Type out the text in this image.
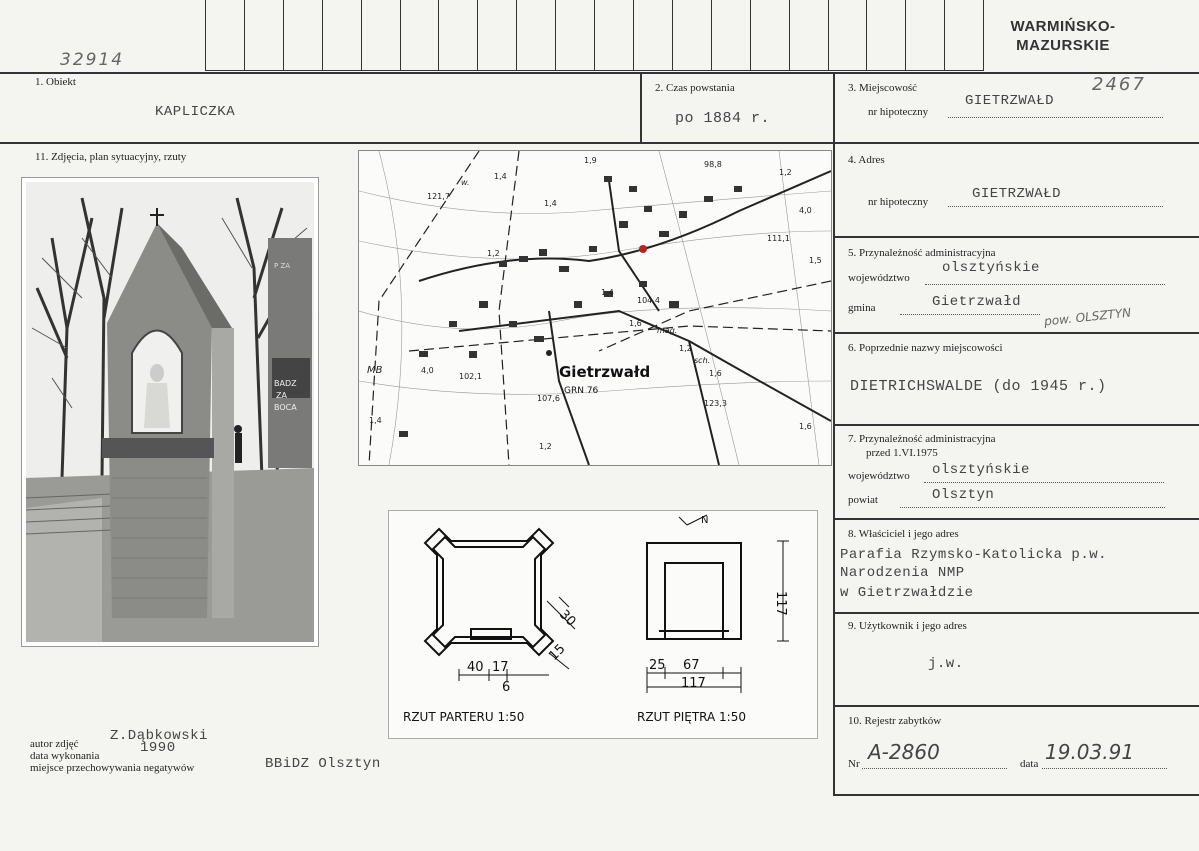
WARMIŃSKO-
MAZURSKIE
32914
1. Obiekt
KAPLICZKA
2. Czas powstania
po 1884 r.
3. Miejscowość
nr hipoteczny
GIETRZWAŁD
2467
11. Zdjęcia, plan sytuacyjny, rzuty
P ZA
BADZ
ZA
BOCA
1,9
1,4
121,7
98,8
1,2
4,0
111,1
1,5
1,4
1,2
1,4
104,4
1,2
1,6
102,1
4,0
107,6
123,3
1,6
1,4
1,2
1,6
MB
mag.
sch.
w.
Gietrzwałd
GRN 76
30
40 17
6
15
117
25 67
117
N
RZUT PARTERU 1:50	RZUT PIĘTRA 1:50
4. Adres
nr hipoteczny	GIETRZWAŁD
5. Przynależność administracyjna
województwo
olsztyńskie
gmina	Gietrzwałd
pow. OLSZTYN
6. Poprzednie nazwy miejscowości
DIETRICHSWALDE (do 1945 r.)
7. Przynależność administracyjna
przed 1.VI.1975
województwo olsztyńskie
powiat	Olsztyn
8. Właściciel i jego adres
Parafia Rzymsko-Katolicka p.w.
Narodzenia NMP
w Gietrzwałdzie
9. Użytkownik i jego adres
j.w.
10. Rejestr zabytków
Nr A-2860	data 19.03.91
autor zdjęć Z.Dąbkowski
data wykonania	1990
miejsce przechowywania negatywów	BBiDZ Olsztyn
